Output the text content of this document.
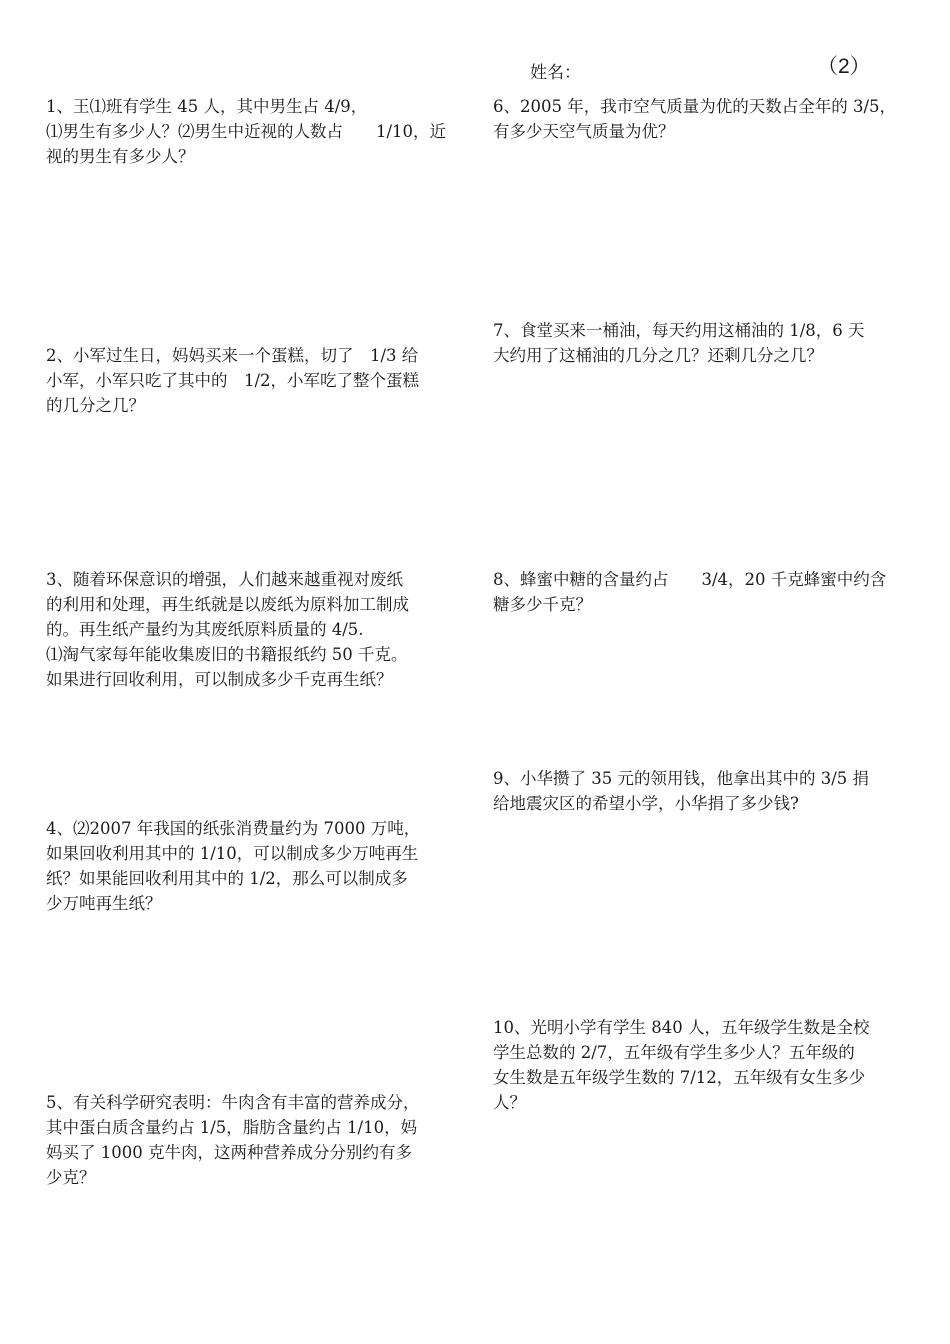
姓名：	（2）
1、王⑴班有学生 45 人，其中男生占 4/9，
⑴男生有多少人？⑵男生中近视的人数占　　1/10，近
视的男生有多少人？
2、小军过生日，妈妈买来一个蛋糕，切了　1/3 给
小军，小军只吃了其中的　1/2，小军吃了整个蛋糕
的几分之几？
3、随着环保意识的增强，人们越来越重视对废纸
的利用和处理，再生纸就是以废纸为原料加工制成
的。再生纸产量约为其废纸原料质量的 4/5.
⑴淘气家每年能收集废旧的书籍报纸约 50 千克。
如果进行回收利用，可以制成多少千克再生纸？
4、⑵2007 年我国的纸张消费量约为 7000 万吨，
如果回收利用其中的 1/10，可以制成多少万吨再生
纸？如果能回收利用其中的 1/2，那么可以制成多
少万吨再生纸？
5、有关科学研究表明：牛肉含有丰富的营养成分，
其中蛋白质含量约占 1/5，脂肪含量约占 1/10，妈
妈买了 1000 克牛肉，这两种营养成分分别约有多
少克？
6、2005 年，我市空气质量为优的天数占全年的 3/5，
有多少天空气质量为优？
7、食堂买来一桶油，每天约用这桶油的 1/8，6 天
大约用了这桶油的几分之几？还剩几分之几？
8、蜂蜜中糖的含量约占　　3/4，20 千克蜂蜜中约含
糖多少千克？
9、小华攒了 35 元的领用钱，他拿出其中的 3/5 捐
给地震灾区的希望小学，小华捐了多少钱?
10、光明小学有学生 840 人，五年级学生数是全校
学生总数的 2/7，五年级有学生多少人？五年级的
女生数是五年级学生数的 7/12，五年级有女生多少
人？
